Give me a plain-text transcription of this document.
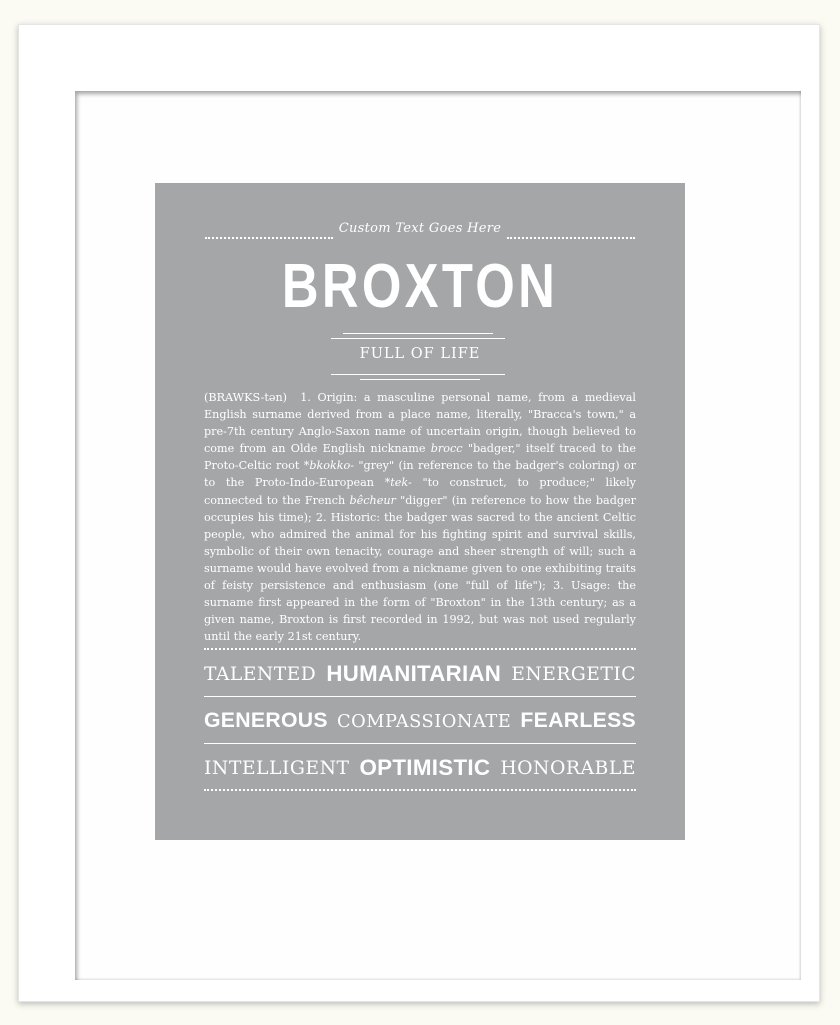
Custom Text Goes Here
BROXTON
FULL OF LIFE

(BRAWKS-tən) 1. Origin: a masculine personal name, from a medieval English surname derived from a place name, literally, "Bracca's town," a pre-7th century Anglo-Saxon name of uncertain origin, though believed to come from an Olde English nickname brocc "badger," itself traced to the Proto-Celtic root *bkokko- "grey" (in reference to the badger's coloring) or to the Proto-Indo-European *tek- "to construct, to produce;" likely connected to the French bêcheur "digger" (in reference to how the badger occupies his time); 2. Historic: the badger was sacred to the ancient Celtic people, who admired the animal for his fighting spirit and survival skills, symbolic of their own tenacity, courage and sheer strength of will; such a surname would have evolved from a nickname given to one exhibiting traits of feisty persistence and enthusiasm (one "full of life"); 3. Usage: the surname first appeared in the form of "Broxton" in the 13th century; as a given name, Broxton is first recorded in 1992, but was not used regularly until the early 21st century.

TALENTED HUMANITARIAN ENERGETIC
GENEROUS COMPASSIONATE FEARLESS
INTELLIGENT OPTIMISTIC HONORABLE
